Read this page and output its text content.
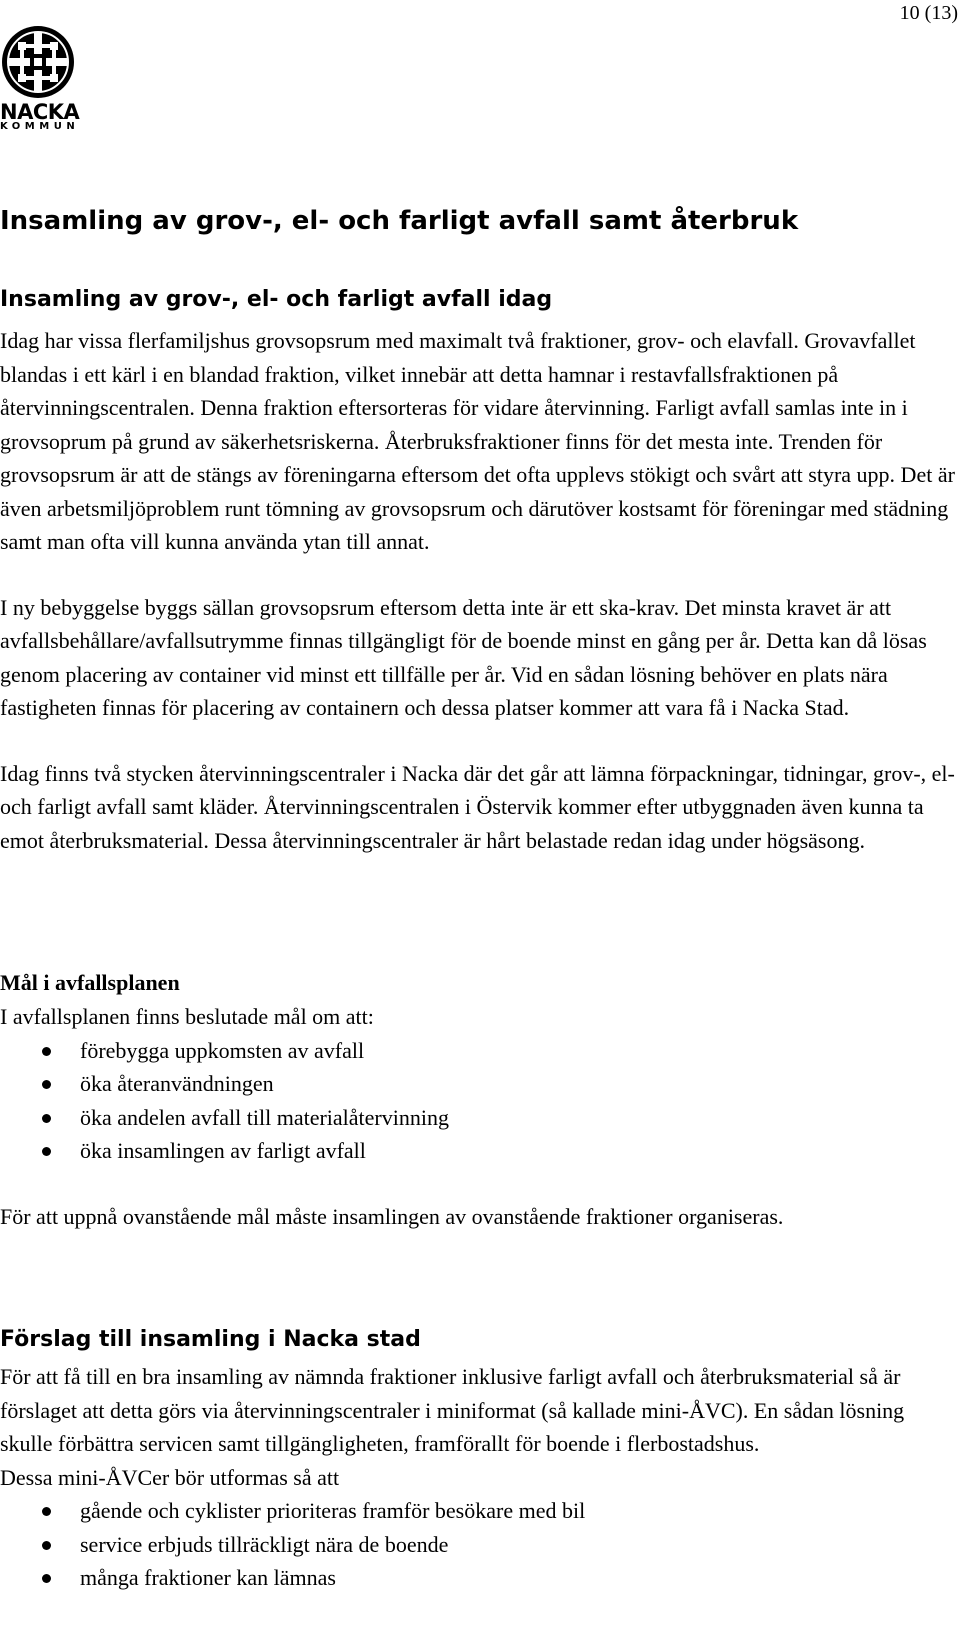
10 (13)
NACKA
KOMMUN
Insamling av grov-, el- och farligt avfall samt återbruk
Insamling av grov-, el- och farligt avfall idag

Idag har vissa flerfamiljshus grovsopsrum med maximalt två fraktioner, grov- och elavfall. Grovavfallet blandas i ett kärl i en blandad fraktion, vilket innebär att detta hamnar i restavfallsfraktionen på återvinningscentralen. Denna fraktion eftersorteras för vidare återvinning. Farligt avfall samlas inte in i grovsoprum på grund av säkerhetsriskerna. Återbruksfraktioner finns för det mesta inte. Trenden för grovsopsrum är att de stängs av föreningarna eftersom det ofta upplevs stökigt och svårt att styra upp. Det är även arbetsmiljöproblem runt tömning av grovsopsrum och därutöver kostsamt för föreningar med städning samt man ofta vill kunna använda ytan till annat.

I ny bebyggelse byggs sällan grovsopsrum eftersom detta inte är ett ska-krav. Det minsta kravet är att avfallsbehållare/avfallsutrymme finnas tillgängligt för de boende minst en gång per år. Detta kan då lösas genom placering av container vid minst ett tillfälle per år. Vid en sådan lösning behöver en plats nära fastigheten finnas för placering av containern och dessa platser kommer att vara få i Nacka Stad.

Idag finns två stycken återvinningscentraler i Nacka där det går att lämna förpackningar, tidningar, grov-, el- och farligt avfall samt kläder. Återvinningscentralen i Östervik kommer efter utbyggnaden även kunna ta emot återbruksmaterial. Dessa återvinningscentraler är hårt belastade redan idag under högsäsong.

Mål i avfallsplanen

I avfallsplanen finns beslutade mål om att:

förebygga uppkomsten av avfall
öka återanvändningen
öka andelen avfall till materialåtervinning
öka insamlingen av farligt avfall

För att uppnå ovanstående mål måste insamlingen av ovanstående fraktioner organiseras.

Förslag till insamling i Nacka stad

För att få till en bra insamling av nämnda fraktioner inklusive farligt avfall och återbruksmaterial så är förslaget att detta görs via återvinningscentraler i miniformat (så kallade mini-ÅVC). En sådan lösning skulle förbättra servicen samt tillgängligheten, framförallt för boende i flerbostadshus.

Dessa mini-ÅVCer bör utformas så att

gående och cyklister prioriteras framför besökare med bil
service erbjuds tillräckligt nära de boende
många fraktioner kan lämnas
